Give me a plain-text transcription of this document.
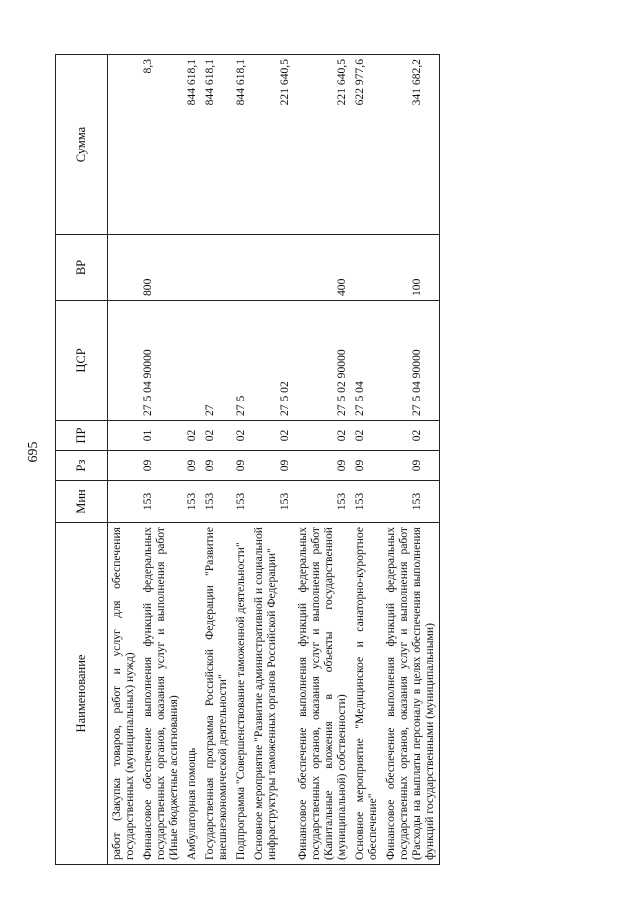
695
Наименование	Мин	Рз	ПР	ЦСР	ВР	Сумма
работ (Закупка товаров, работ и услуг для обеспечения государственных (муниципальных) нужд)						
Финансовое обеспечение выполнения функций федеральных государственных органов, оказания услуг и выполнения работ (Иные бюджетные ассигнования)	153	09	01	27 5 04 90000	800	8,3
Амбулаторная помощь	153	09	02			844 618,1
Государственная программа Российской Федерации "Развитие внешнеэкономической деятельности"	153	09	02	27		844 618,1
Подпрограмма "Совершенствование таможенной деятельности"	153	09	02	27 5		844 618,1
Основное мероприятие "Развитие административной и социальной инфраструктуры таможенных органов Российской Федерации"	153	09	02	27 5 02		221 640,5
Финансовое обеспечение выполнения функций федеральных государственных органов, оказания услуг и выполнения работ (Капитальные вложения в объекты государственной (муниципальной) собственности)	153	09	02	27 5 02 90000	400	221 640,5
Основное мероприятие "Медицинское и санаторно-курортное обеспечение"	153	09	02	27 5 04		622 977,6
Финансовое обеспечение выполнения функций федеральных государственных органов, оказания услуг и выполнения работ (Расходы на выплаты персоналу в целях обеспечения выполнения функций государственными (муниципальными)	153	09	02	27 5 04 90000	100	341 682,2
